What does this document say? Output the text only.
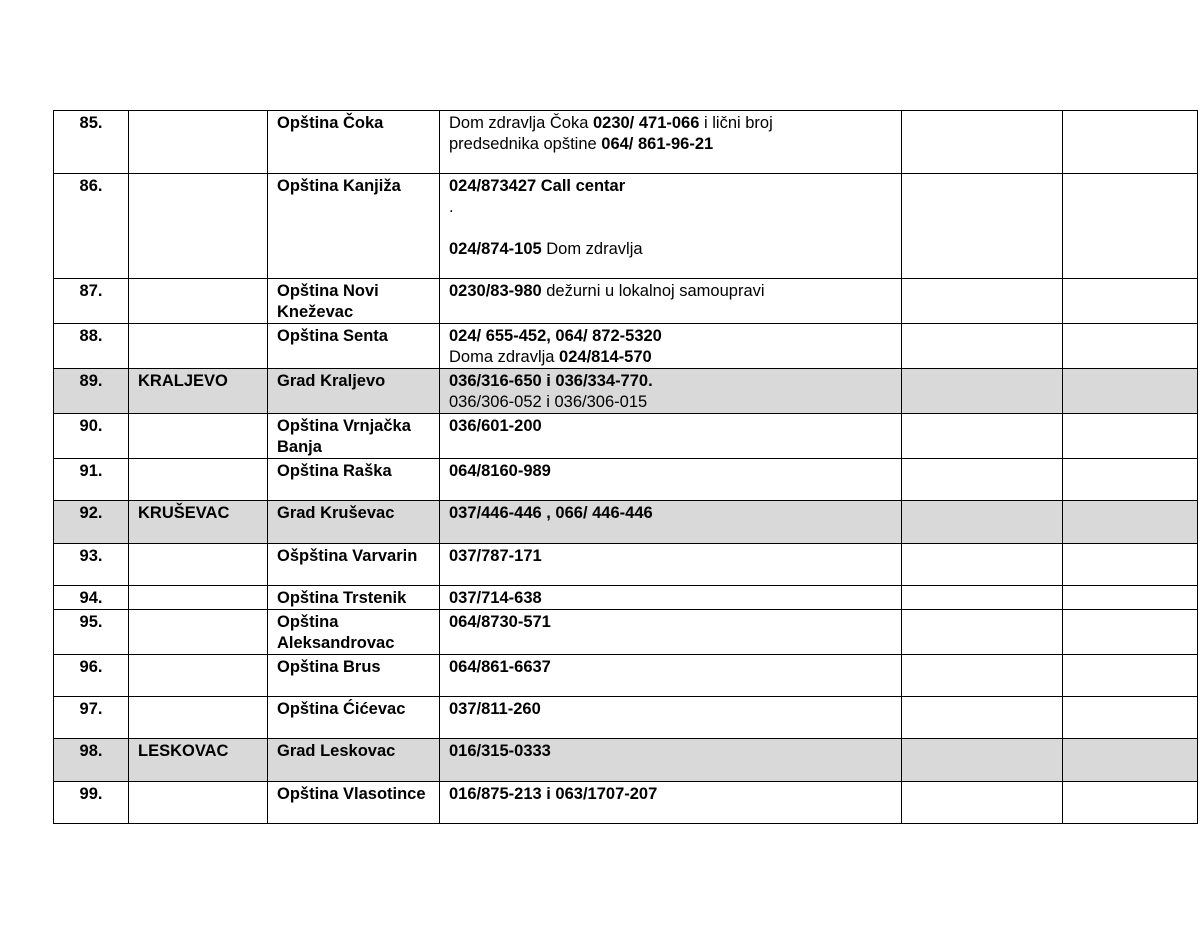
85.		Opština Čoka	Dom zdravlja Čoka 0230/ 471-066 i lični broj
predsednika opštine 064/ 861-96-21		
86.		Opština Kanjiža	024/873427 Call centar
.

024/874-105 Dom zdravlja		
87.		Opština Novi Kneževac	0230/83-980 dežurni u lokalnoj samoupravi		
88.		Opština Senta	024/ 655-452, 064/ 872-5320
Doma zdravlja 024/814-570		
89.	KRALJEVO	Grad Kraljevo	036/316-650 i 036/334-770.
036/306-052 i 036/306-015		
90.		Opština Vrnjačka Banja	036/601-200		
91.		Opština Raška	064/8160-989		
92.	KRUŠEVAC	Grad Kruševac	037/446-446 , 066/ 446-446		
93.		Ošpština Varvarin	037/787-171		
94.		Opština Trstenik	037/714-638		
95.		Opština Aleksandrovac	064/8730-571		
96.		Opština Brus	064/861-6637		
97.		Opština Ćićevac	037/811-260		
98.	LESKOVAC	Grad Leskovac	016/315-0333		
99.		Opština Vlasotince	016/875-213 i 063/1707-207		
